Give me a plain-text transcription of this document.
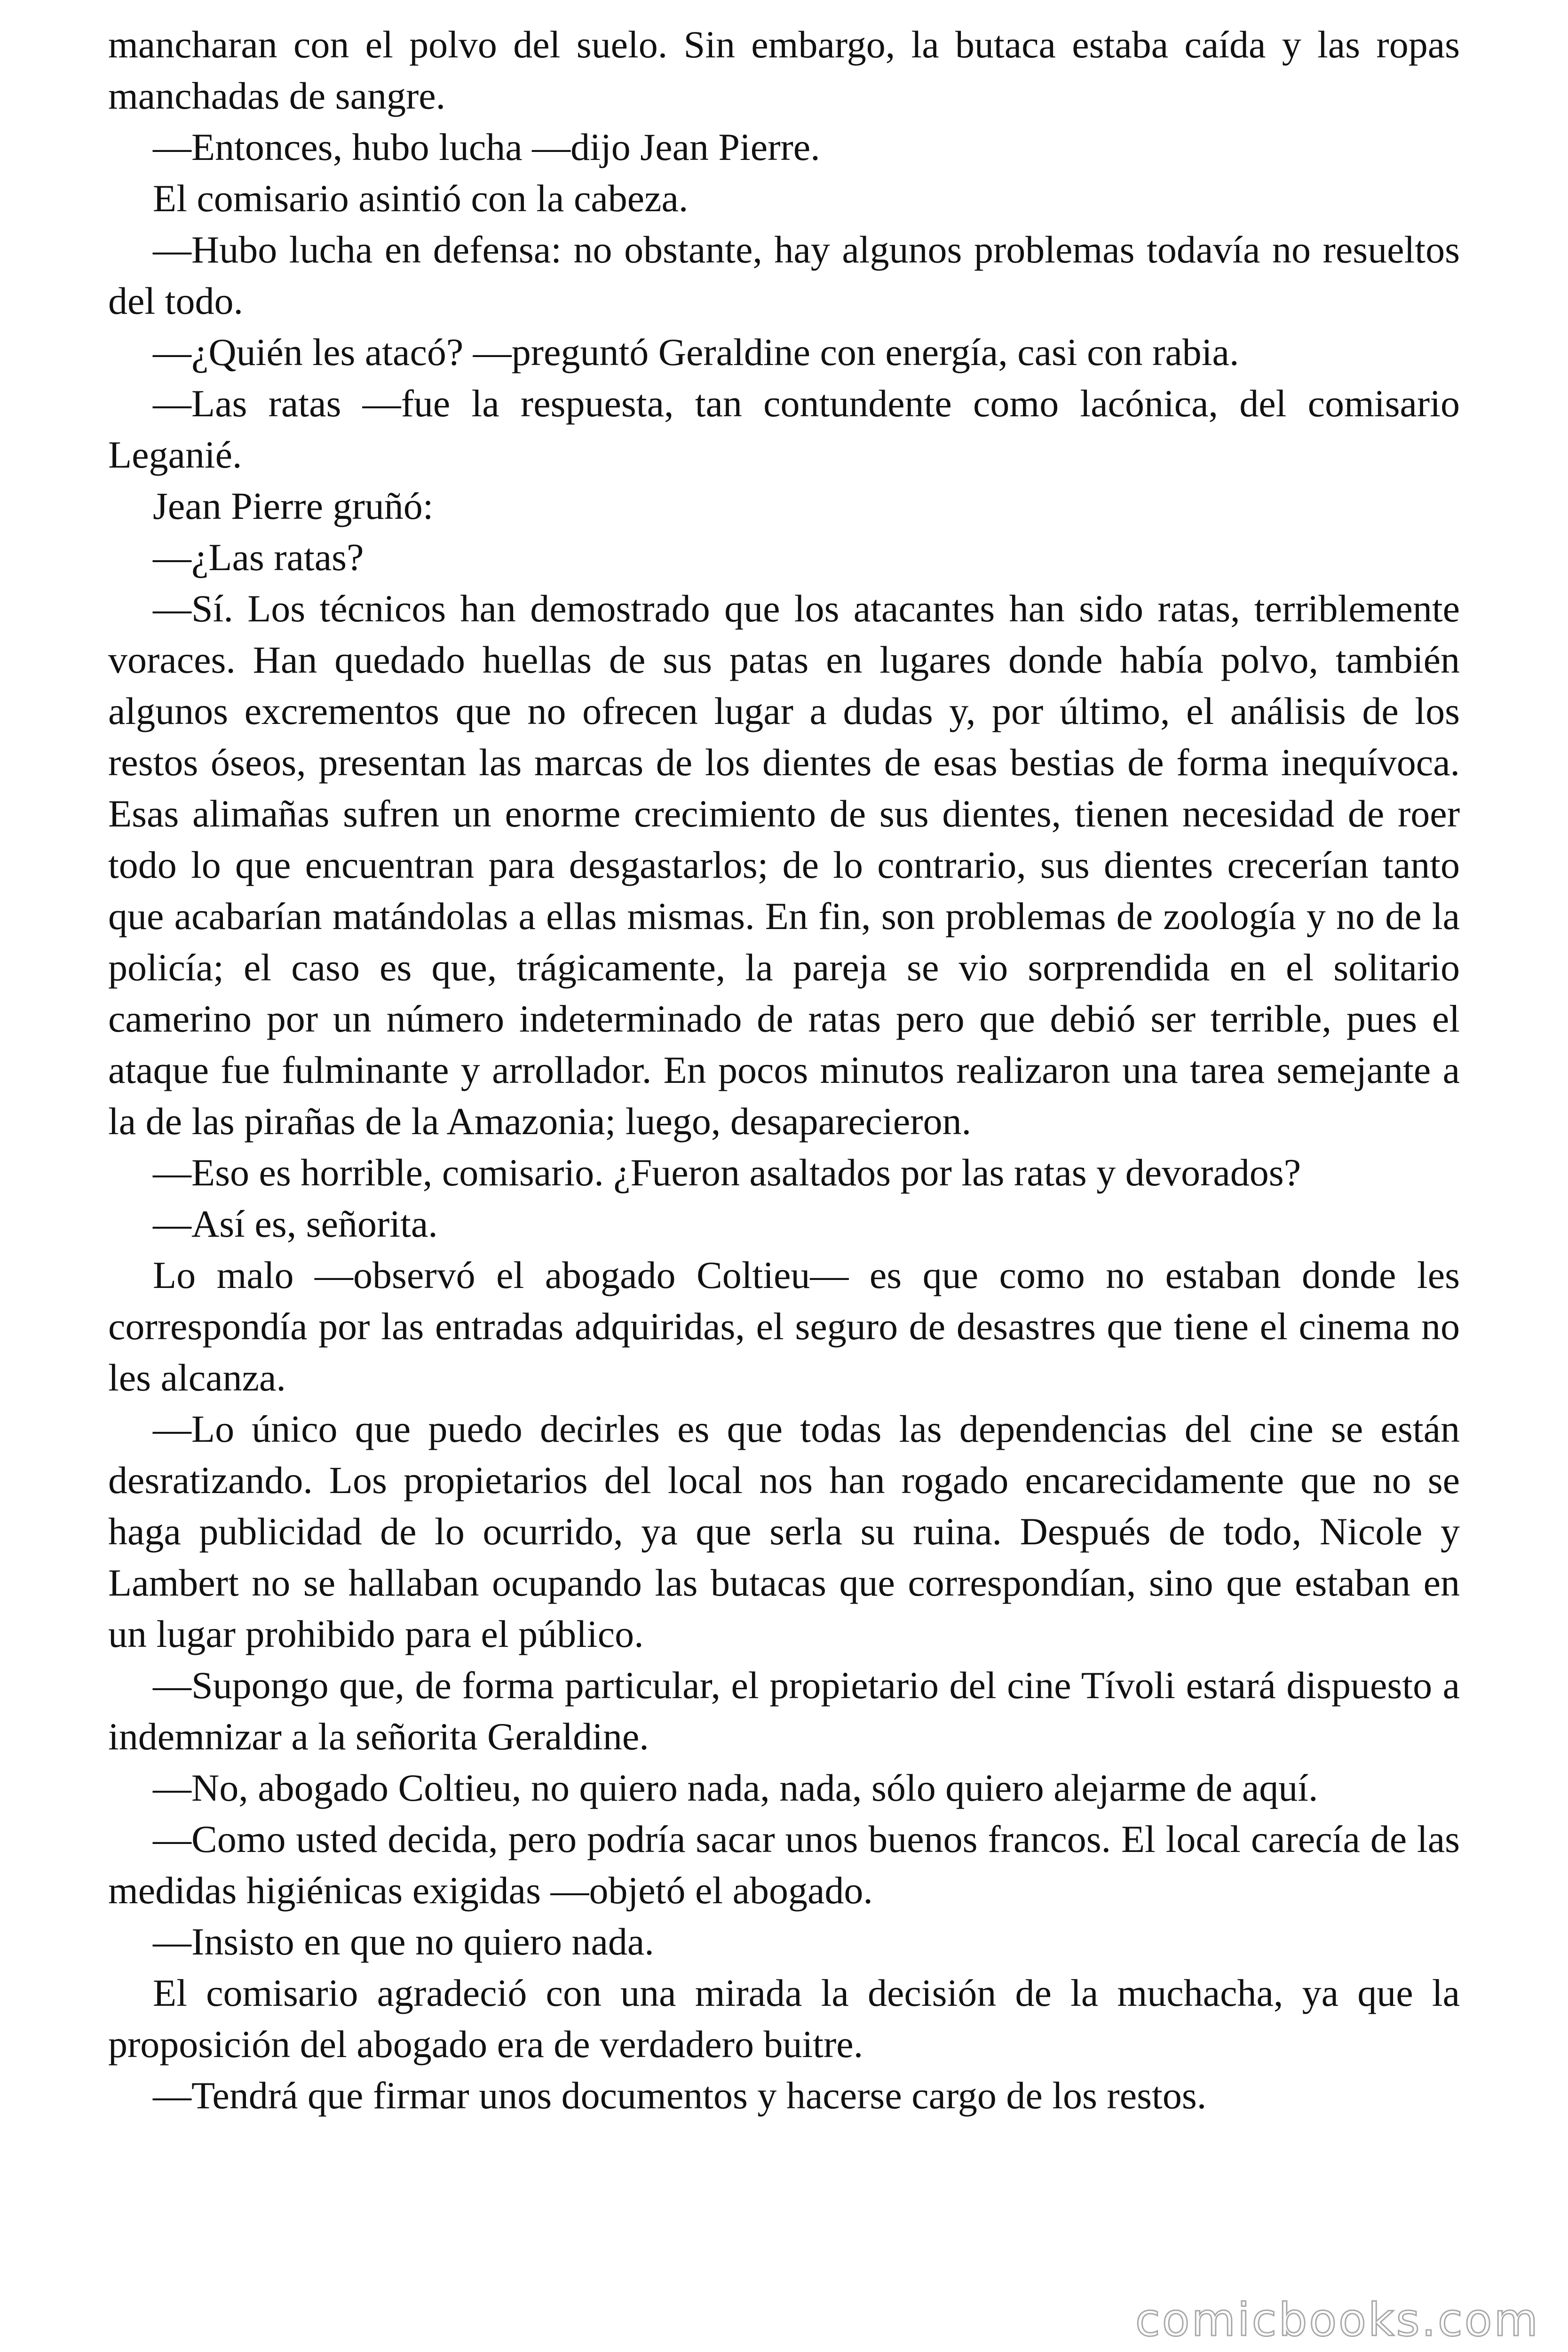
mancharan con el polvo del suelo. Sin embargo, la butaca estaba caída y las ropas manchadas de sangre.

—Entonces, hubo lucha —dijo Jean Pierre.

El comisario asintió con la cabeza.

—Hubo lucha en defensa: no obstante, hay algunos problemas todavía no resueltos del todo.

—¿Quién les atacó? —preguntó Geraldine con energía, casi con rabia.

—Las ratas —fue la respuesta, tan contundente como lacónica, del comisario Leganié.

Jean Pierre gruñó:

—¿Las ratas?

—Sí. Los técnicos han demostrado que los atacantes han sido ratas, terriblemente voraces. Han quedado huellas de sus patas en lugares donde había polvo, también algunos excrementos que no ofrecen lugar a dudas y, por último, el análisis de los restos óseos, presentan las marcas de los dientes de esas bestias de forma inequívoca. Esas alimañas sufren un enorme crecimiento de sus dientes, tienen necesidad de roer todo lo que encuentran para desgastarlos; de lo contrario, sus dientes crecerían tanto que acabarían matándolas a ellas mismas. En fin, son problemas de zoología y no de la policía; el caso es que, trágicamente, la pareja se vio sorprendida en el solitario camerino por un número indeterminado de ratas pero que debió ser terrible, pues el ataque fue fulminante y arrollador. En pocos minutos realizaron una tarea semejante a la de las pirañas de la Amazonia; luego, desaparecieron.

—Eso es horrible, comisario. ¿Fueron asaltados por las ratas y devorados?

—Así es, señorita.

Lo malo —observó el abogado Coltieu— es que como no estaban donde les correspondía por las entradas adquiridas, el seguro de desastres que tiene el cinema no les alcanza.

—Lo único que puedo decirles es que todas las dependencias del cine se están desratizando. Los propietarios del local nos han rogado encarecidamente que no se haga publicidad de lo ocurrido, ya que serla su ruina. Después de todo, Nicole y Lambert no se hallaban ocupando las butacas que correspondían, sino que estaban en un lugar prohibido para el público.

—Supongo que, de forma particular, el propietario del cine Tívoli estará dispuesto a indemnizar a la señorita Geraldine.

—No, abogado Coltieu, no quiero nada, nada, sólo quiero alejarme de aquí.

—Como usted decida, pero podría sacar unos buenos francos. El local carecía de las medidas higiénicas exigidas —objetó el abogado.

—Insisto en que no quiero nada.

El comisario agradeció con una mirada la decisión de la muchacha, ya que la proposición del abogado era de verdadero buitre.

—Tendrá que firmar unos documentos y hacerse cargo de los restos.

comicbooks.com
